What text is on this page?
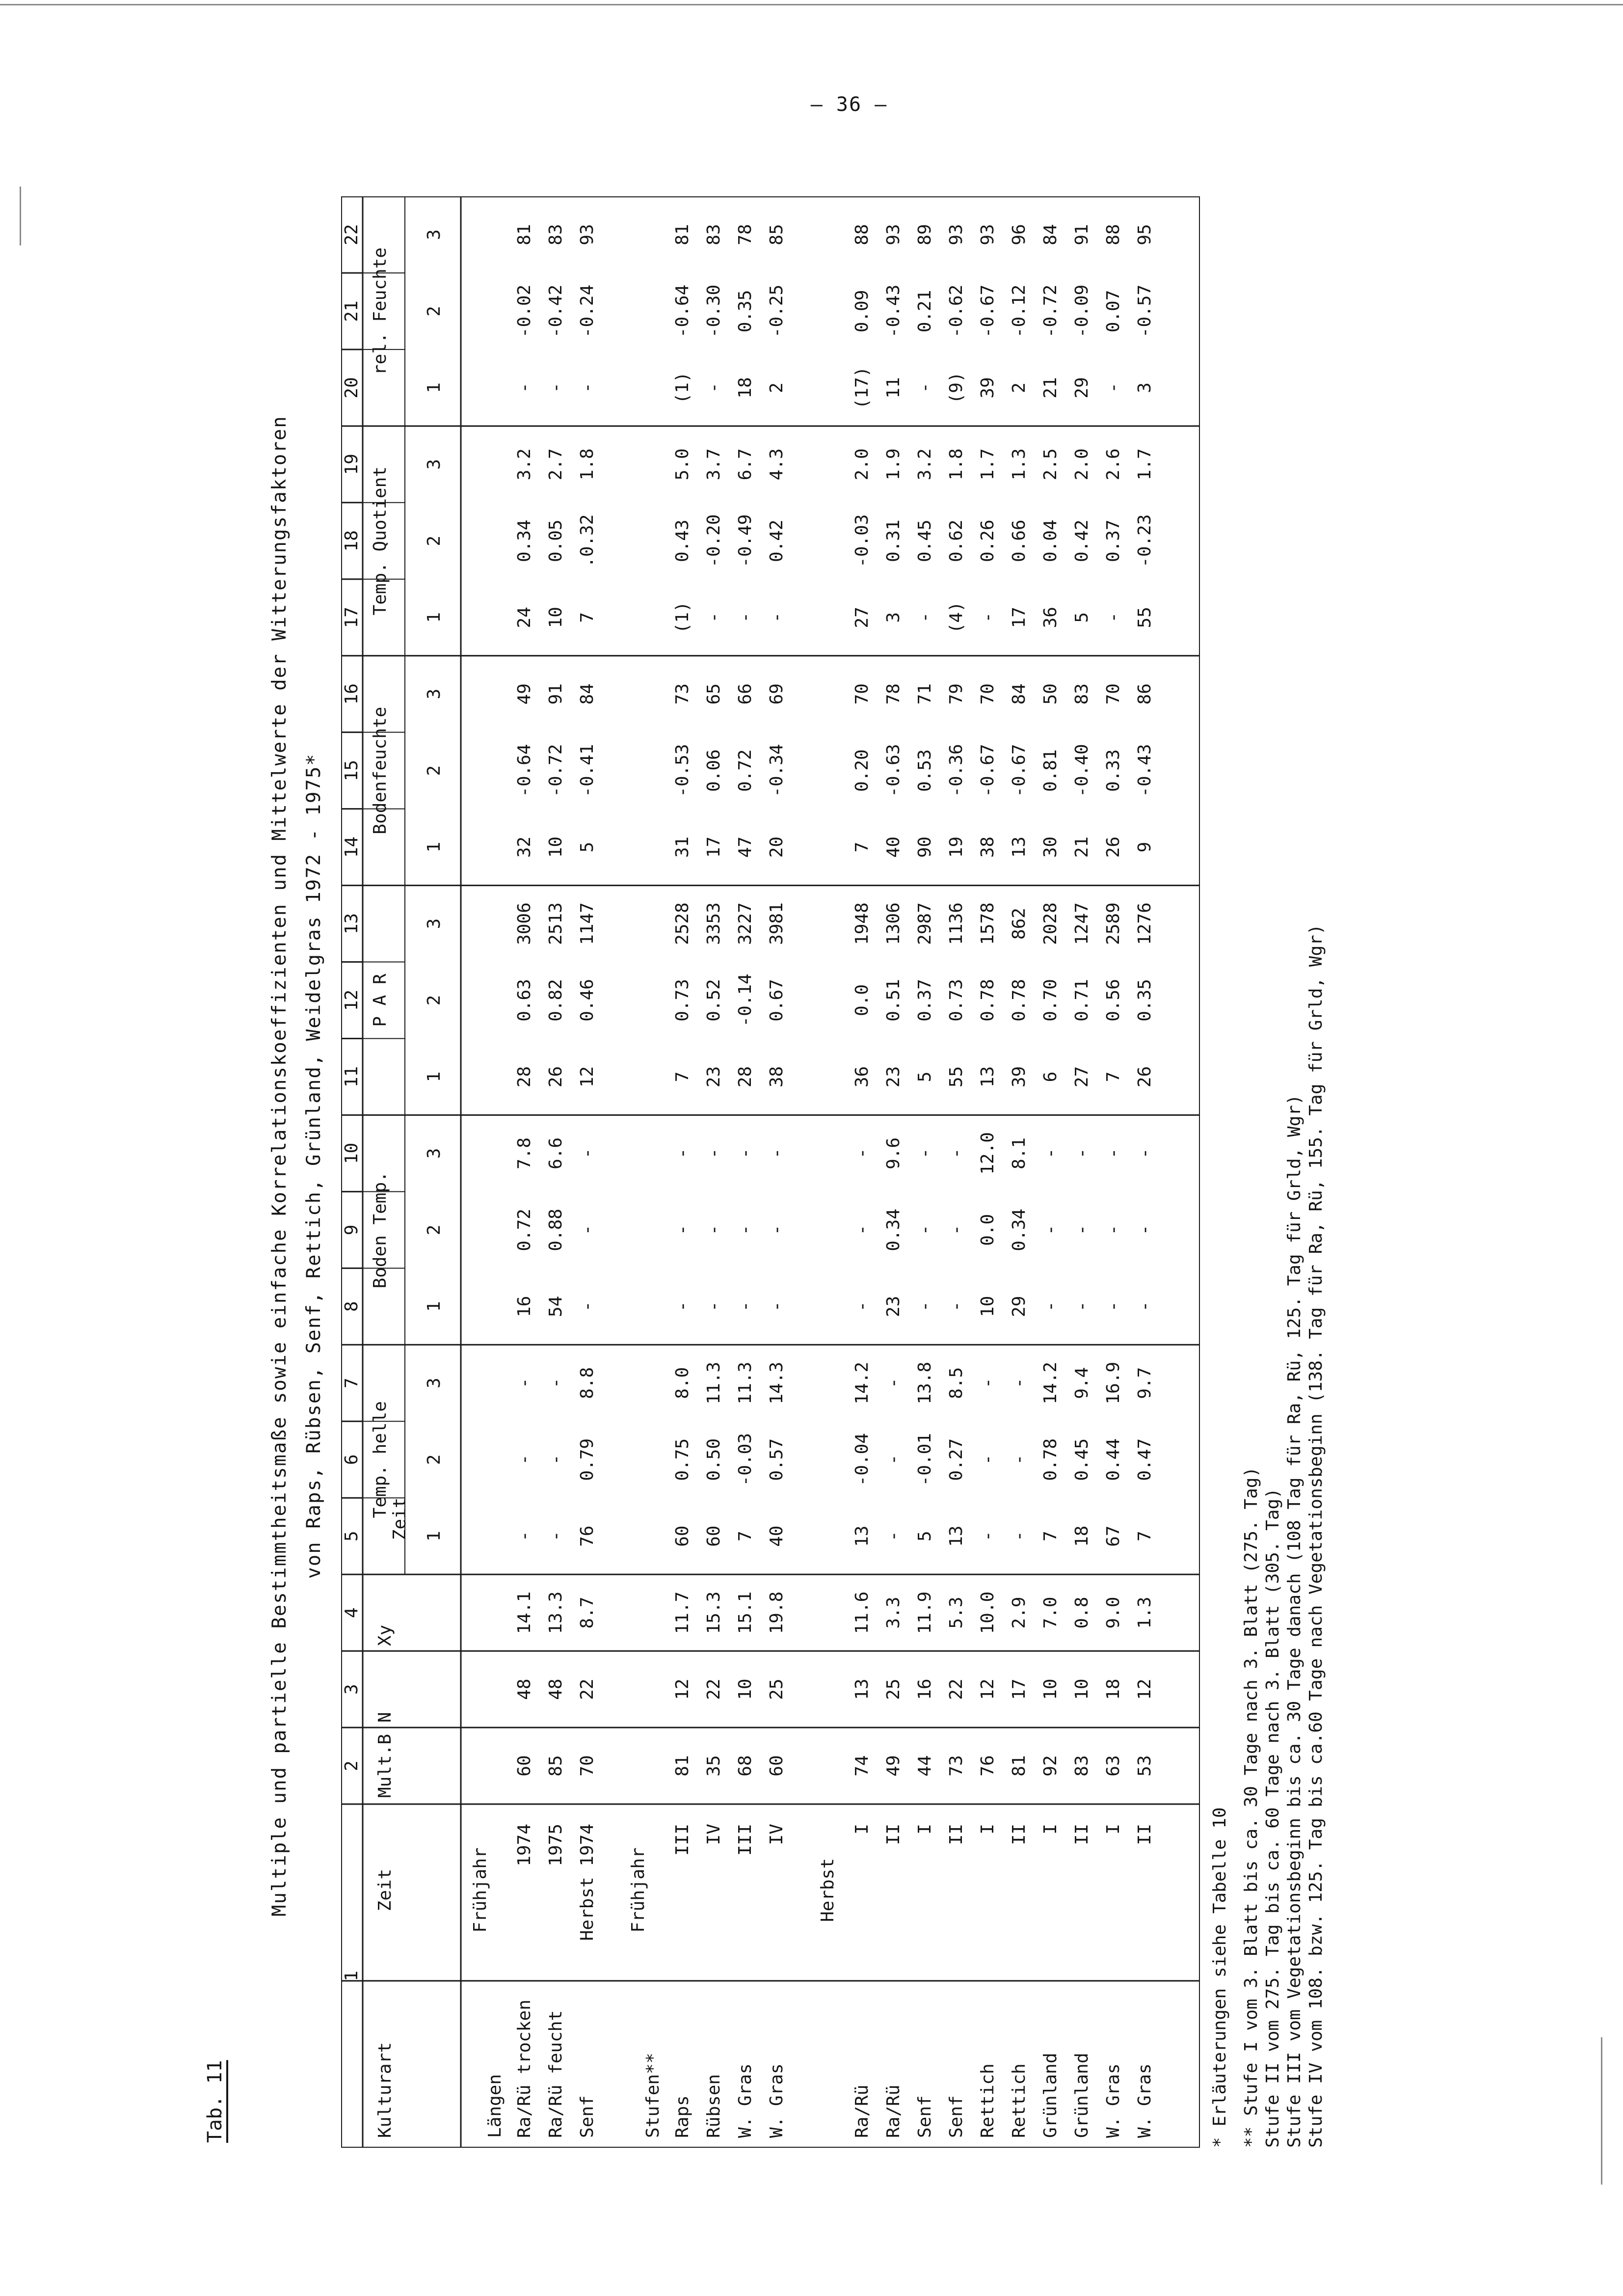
– 36 –
Tab. 11
Multiple und partielle Bestimmtheitsmaße sowie einfache Korrelationskoeffizienten und Mittelwerte der Witterungsfaktoren von Raps, Rübsen, Senf, Rettich, Grünland, Weidelgras 1972 - 1975*
1
2
3
4
5
6
7
8
9
10
11
12
13
14
15
16
17
18
19
20
21
22
Kulturart
Zeit
Mult.B
N
Xy
Temp. helle
1
2
3
Boden Temp.
1
2
3
P A R
1
2
3
Bodenfeuchte
1
2
3
Temp. Quotient
1
2
3
rel. Feuchte
1
2
3
Zeit
Längen
Frühjahr
Ra/Rü trocken
1974
60
48
14.1
-
-
-
16
0.72
7.8
28
0.63
3006
32
-0.64
49
24
0.34
3.2
-
-0.02
81
Ra/Rü feucht
1975
85
48
13.3
-
-
-
54
0.88
6.6
26
0.82
2513
10
-0.72
91
10
0.05
2.7
-
-0.42
83
Senf
Herbst 1974
70
22
8.7
76
0.79
8.8
-
-
-
12
0.46
1147
5
-0.41
84
7
.0.32
1.8
-
-0.24
93
Stufen**
Frühjahr
Raps
III
81
12
11.7
60
0.75
8.0
-
-
-
7
0.73
2528
31
-0.53
73
(1)
0.43
5.0
(1)
-0.64
81
Rübsen
IV
35
22
15.3
60
0.50
11.3
-
-
-
23
0.52
3353
17
0.06
65
-
-0.20
3.7
-
-0.30
83
W. Gras
III
68
10
15.1
7
-0.03
11.3
-
-
-
28
-0.14
3227
47
0.72
66
-
-0.49
6.7
18
0.35
78
W. Gras
IV
60
25
19.8
40
0.57
14.3
-
-
-
38
0.67
3981
20
-0.34
69
-
0.42
4.3
2
-0.25
85
Herbst
Ra/Rü
I
74
13
11.6
13
-0.04
14.2
-
-
-
36
0.0
1948
7
0.20
70
27
-0.03
2.0
(17)
0.09
88
Ra/Rü
II
49
25
3.3
-
-
-
23
0.34
9.6
23
0.51
1306
40
-0.63
78
3
0.31
1.9
11
-0.43
93
Senf
I
44
16
11.9
5
-0.01
13.8
-
-
-
5
0.37
2987
90
0.53
71
-
0.45
3.2
-
0.21
89
Senf
II
73
22
5.3
13
0.27
8.5
-
-
-
55
0.73
1136
19
-0.36
79
(4)
0.62
1.8
(9)
-0.62
93
Rettich
I
76
12
10.0
-
-
-
10
0.0
12.0
13
0.78
1578
38
-0.67
70
-
0.26
1.7
39
-0.67
93
Rettich
II
81
17
2.9
-
-
-
29
0.34
8.1
39
0.78
862
13
-0.67
84
17
0.66
1.3
2
-0.12
96
Grünland
I
92
10
7.0
7
0.78
14.2
-
-
-
6
0.70
2028
30
0.81
50
36
0.04
2.5
21
-0.72
84
Grünland
II
83
10
0.8
18
0.45
9.4
-
-
-
27
0.71
1247
21
-0.40
83
5
0.42
2.0
29
-0.09
91
W. Gras
I
63
18
9.0
67
0.44
16.9
-
-
-
7
0.56
2589
26
0.33
70
-
0.37
2.6
-
0.07
88
W. Gras
II
53
12
1.3
7
0.47
9.7
-
-
-
26
0.35
1276
9
-0.43
86
55
-0.23
1.7
3
-0.57
95
* Erläuterungen siehe Tabelle 10 ** Stufe I vom 3. Blatt bis ca. 30 Tage nach 3. Blatt (275. Tag) Stufe II vom 275. Tag bis ca. 60 Tage nach 3. Blatt (305. Tag) Stufe III vom Vegetationsbeginn bis ca. 30 Tage danach (108 Tag für Ra, Rü, 125. Tag für Grld, Wgr) Stufe IV vom 108. bzw. 125. Tag bis ca.60 Tage nach Vegetationsbeginn (138. Tag für Ra, Rü, 155. Tag für Grld, Wgr)
